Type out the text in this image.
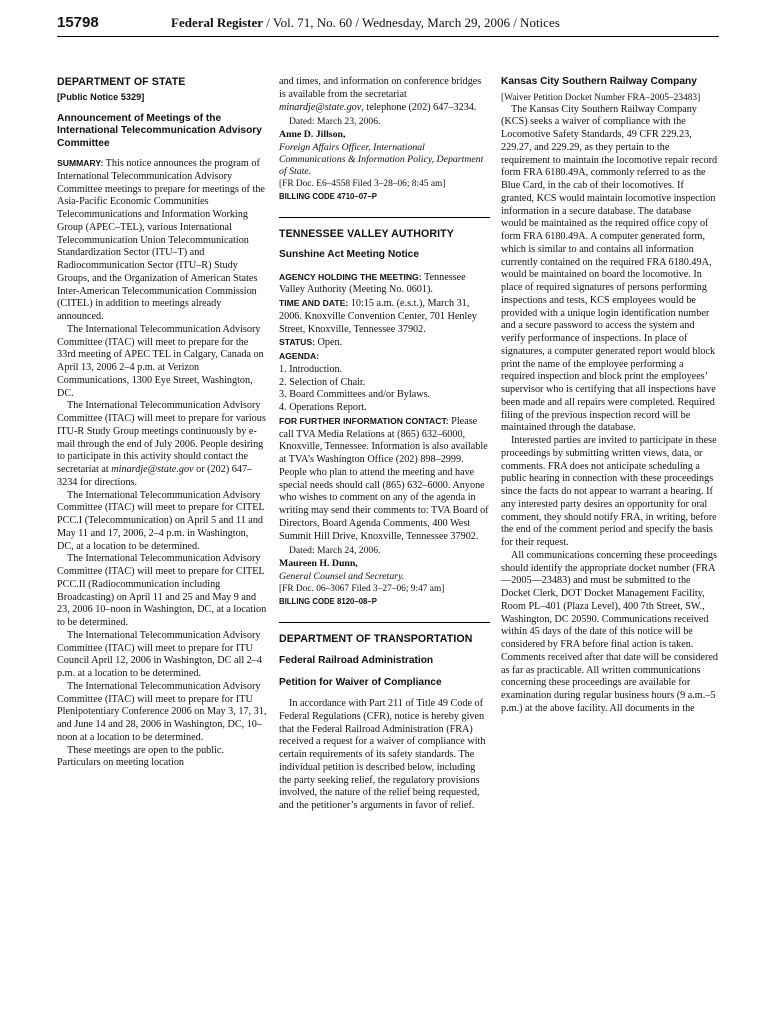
15798	Federal Register / Vol. 71, No. 60 / Wednesday, March 29, 2006 / Notices
DEPARTMENT OF STATE
[Public Notice 5329]
Announcement of Meetings of the International Telecommunication Advisory Committee

SUMMARY: This notice announces the program of International Telecommunication Advisory Committee meetings to prepare for meetings of the Asia-Pacific Economic Communities Telecommunications and Information Working Group (APEC–TEL), various International Telecommunication Union Telecommunication Standardization Sector (ITU–T) and Radiocommunication Sector (ITU–R) Study Groups, and the Organization of American States Inter-American Telecommunication Commission (CITEL) in addition to meetings already announced.

The International Telecommunication Advisory Committee (ITAC) will meet to prepare for the 33rd meeting of APEC TEL in Calgary, Canada on April 13, 2006 2–4 p.m. at Verizon Communications, 1300 Eye Street, Washington, DC.

The International Telecommunication Advisory Committee (ITAC) will meet to prepare for various ITU-R Study Group meetings continuously by e-mail through the end of July 2006. People desiring to participate in this activity should contact the secretariat at minardje@state.gov or (202) 647–3234 for directions.

The International Telecommunication Advisory Committee (ITAC) will meet to prepare for CITEL PCC.I (Telecommunication) on April 5 and 11 and May 11 and 17, 2006, 2–4 p.m. in Washington, DC, at a location to be determined.

The International Telecommunication Advisory Committee (ITAC) will meet to prepare for CITEL PCC.II (Radiocommunication including Broadcasting) on April 11 and 25 and May 9 and 23, 2006 10–noon in Washington, DC, at a location to be determined.

The International Telecommunication Advisory Committee (ITAC) will meet to prepare for ITU Council April 12, 2006 in Washington, DC all 2–4 p.m. at a location to be determined.

The International Telecommunication Advisory Committee (ITAC) will meet to prepare for ITU Plenipotentiary Conference 2006 on May 3, 17, 31, and June 14 and 28, 2006 in Washington, DC, 10–noon at a location to be determined.

These meetings are open to the public. Particulars on meeting location

and times, and information on conference bridges is available from the secretariat minardje@state.gov, telephone (202) 647–3234.

Dated: March 23, 2006.

Anne D. Jillson,

Foreign Affairs Officer, International Communications & Information Policy, Department of State.

[FR Doc. E6–4558 Filed 3–28–06; 8:45 am]

BILLING CODE 4710–07–P

TENNESSEE VALLEY AUTHORITY
Sunshine Act Meeting Notice

AGENCY HOLDING THE MEETING: Tennessee Valley Authority (Meeting No. 0601).

TIME AND DATE: 10:15 a.m. (e.s.t.), March 31, 2006. Knoxville Convention Center, 701 Henley Street, Knoxville, Tennessee 37902.

STATUS: Open.

AGENDA:

1. Introduction.

2. Selection of Chair.

3. Board Committees and/or Bylaws.

4. Operations Report.

FOR FURTHER INFORMATION CONTACT: Please call TVA Media Relations at (865) 632–6000, Knoxville, Tennessee. Information is also available at TVA’s Washington Office (202) 898–2999. People who plan to attend the meeting and have special needs should call (865) 632–6000. Anyone who wishes to comment on any of the agenda in writing may send their comments to: TVA Board of Directors, Board Agenda Comments, 400 West Summit Hill Drive, Knoxville, Tennessee 37902.

Dated: March 24, 2006.

Maureen H. Dunn,

General Counsel and Secretary.

[FR Doc. 06–3067 Filed 3–27–06; 9:47 am]

BILLING CODE 8120–08–P

DEPARTMENT OF TRANSPORTATION
Federal Railroad Administration
Petition for Waiver of Compliance

In accordance with Part 211 of Title 49 Code of Federal Regulations (CFR), notice is hereby given that the Federal Railroad Administration (FRA) received a request for a waiver of compliance with certain requirements of its safety standards. The individual petition is described below, including the party seeking relief, the regulatory provisions involved, the nature of the relief being requested, and the petitioner’s arguments in favor of relief.

Kansas City Southern Railway Company

[Waiver Petition Docket Number FRA–2005–23483]

The Kansas City Southern Railway Company (KCS) seeks a waiver of compliance with the Locomotive Safety Standards, 49 CFR 229.23, 229.27, and 229.29, as they pertain to the requirement to maintain the locomotive repair record form FRA 6180.49A, commonly referred to as the Blue Card, in the cab of their locomotives. If granted, KCS would maintain locomotive inspection information in a secure database. The database would be maintained as the required office copy of form FRA 6180.49A. A computer generated form, which is similar to and contains all information currently contained on the required FRA 6180.49A, would be maintained on board the locomotive. In place of required signatures of persons performing inspections and tests, KCS employees would be provided with a unique login identification number and a secure password to access the system and verify performance of inspections. In place of signatures, a computer generated report would block print the name of the employee performing a required inspection and block print the employees’ supervisor who is certifying that all inspections have been made and all repairs were completed. Required filing of the previous inspection record will be maintained through the database.

Interested parties are invited to participate in these proceedings by submitting written views, data, or comments. FRA does not anticipate scheduling a public hearing in connection with these proceedings since the facts do not appear to warrant a hearing. If any interested party desires an opportunity for oral comment, they should notify FRA, in writing, before the end of the comment period and specify the basis for their request.

All communications concerning these proceedings should identify the appropriate docket number (FRA—2005—23483) and must be submitted to the Docket Clerk, DOT Docket Management Facility, Room PL–401 (Plaza Level), 400 7th Street, SW., Washington, DC 20590. Communications received within 45 days of the date of this notice will be considered by FRA before final action is taken. Comments received after that date will be considered as far as practicable. All written communications concerning these proceedings are available for examination during regular business hours (9 a.m.–5 p.m.) at the above facility. All documents in the
